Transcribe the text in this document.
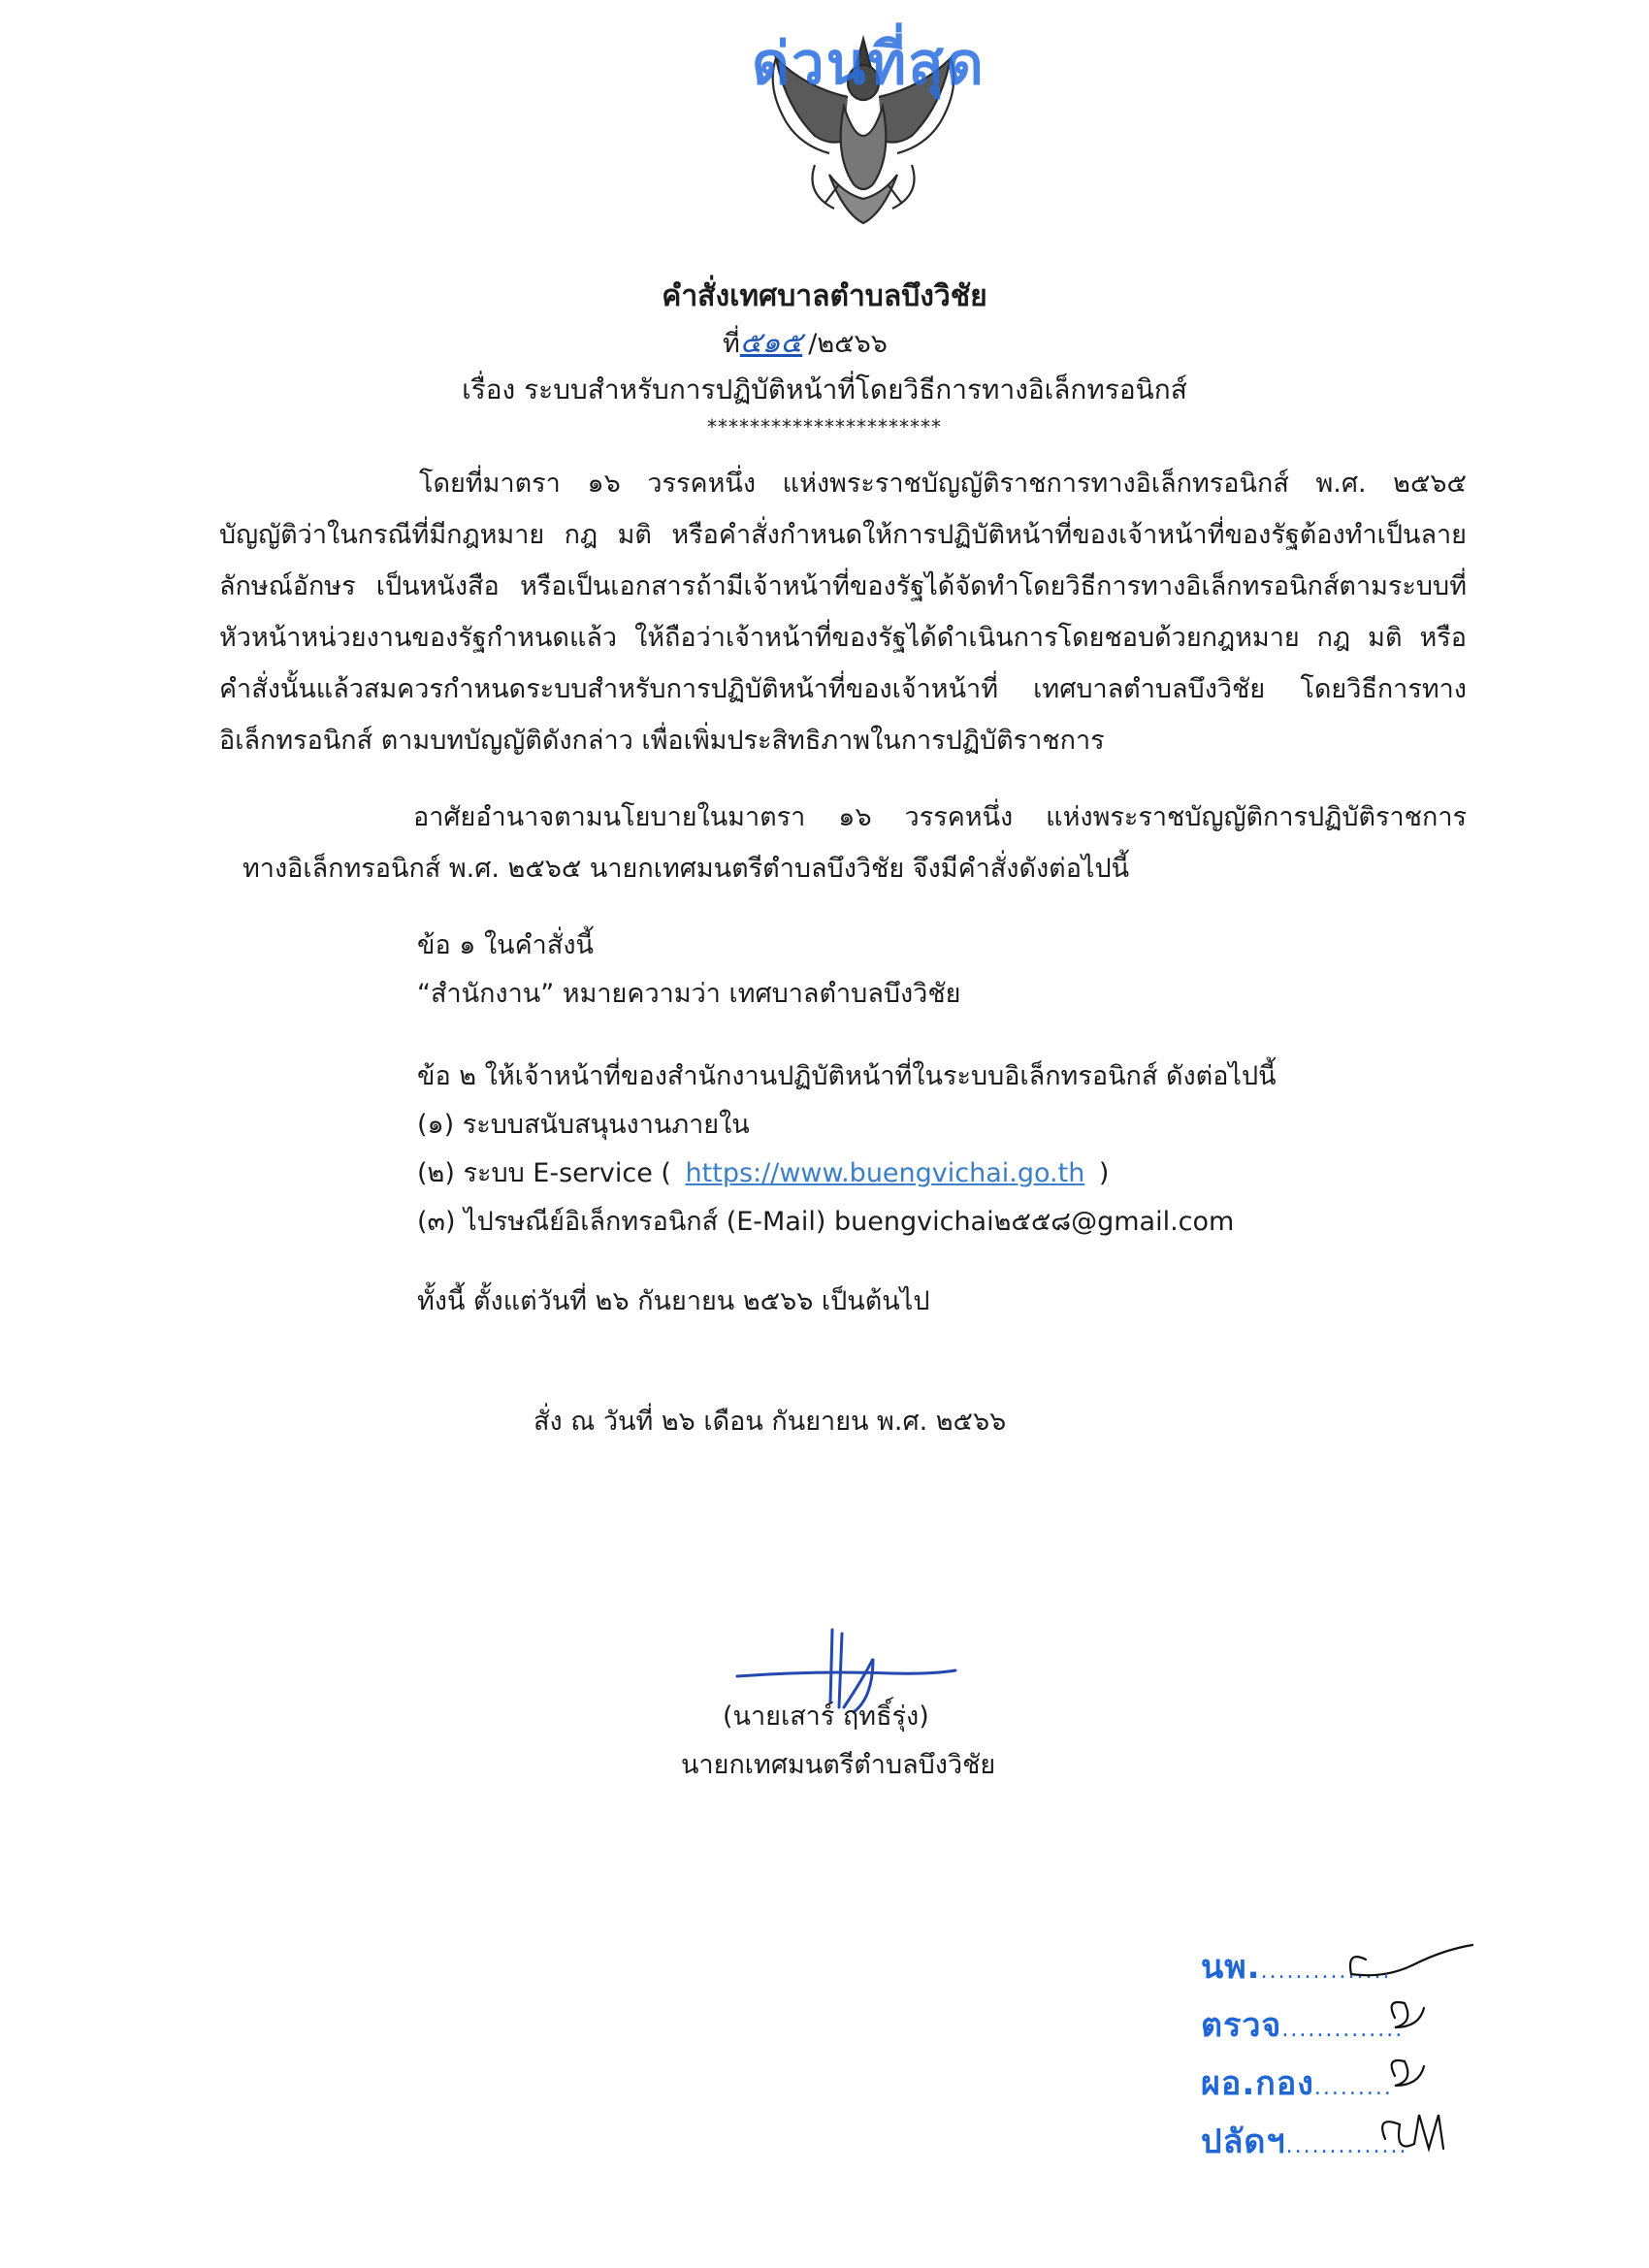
ด่วนที่สุด
คำสั่งเทศบาลตำบลบึงวิชัย
ที่๕๑๕ /๒๕๖๖
เรื่อง ระบบสำหรับการปฏิบัติหน้าที่โดยวิธีการทางอิเล็กทรอนิกส์
**********************
โดยที่มาตรา ๑๖ วรรคหนึ่ง แห่งพระราชบัญญัติราชการทางอิเล็กทรอนิกส์ พ.ศ. ๒๕๖๕
บัญญัติว่าในกรณีที่มีกฎหมาย กฎ มติ หรือคำสั่งกำหนดให้การปฏิบัติหน้าที่ของเจ้าหน้าที่ของรัฐต้องทำเป็นลาย
ลักษณ์อักษร เป็นหนังสือ หรือเป็นเอกสารถ้ามีเจ้าหน้าที่ของรัฐได้จัดทำโดยวิธีการทางอิเล็กทรอนิกส์ตามระบบที่
หัวหน้าหน่วยงานของรัฐกำหนดแล้ว ให้ถือว่าเจ้าหน้าที่ของรัฐได้ดำเนินการโดยชอบด้วยกฎหมาย กฎ มติ หรือ
คำสั่งนั้นแล้วสมควรกำหนดระบบสำหรับการปฏิบัติหน้าที่ของเจ้าหน้าที่ เทศบาลตำบลบึงวิชัย โดยวิธีการทาง
อิเล็กทรอนิกส์ ตามบทบัญญัติดังกล่าว เพื่อเพิ่มประสิทธิภาพในการปฏิบัติราชการ
อาศัยอำนาจตามนโยบายในมาตรา ๑๖ วรรคหนึ่ง แห่งพระราชบัญญัติการปฏิบัติราชการ
ทางอิเล็กทรอนิกส์ พ.ศ. ๒๕๖๕ นายกเทศมนตรีตำบลบึงวิชัย จึงมีคำสั่งดังต่อไปนี้
ข้อ ๑ ในคำสั่งนี้
“สำนักงาน” หมายความว่า เทศบาลตำบลบึงวิชัย
ข้อ ๒ ให้เจ้าหน้าที่ของสำนักงานปฏิบัติหน้าที่ในระบบอิเล็กทรอนิกส์ ดังต่อไปนี้
(๑) ระบบสนับสนุนงานภายใน
(๒) ระบบ E-service ( https://www.buengvichai.go.th )
(๓) ไปรษณีย์อิเล็กทรอนิกส์ (E-Mail) buengvichai๒๕๕๘@gmail.com
ทั้งนี้ ตั้งแต่วันที่ ๒๖ กันยายน ๒๕๖๖ เป็นต้นไป
สั่ง ณ วันที่ ๒๖ เดือน กันยายน พ.ศ. ๒๕๖๖
(นายเสาร์ ฤทธิ์รุ่ง)
นายกเทศมนตรีตำบลบึงวิชัย
นพ................
ตรวจ..............
ผอ.กอง.........
ปลัดฯ..............
